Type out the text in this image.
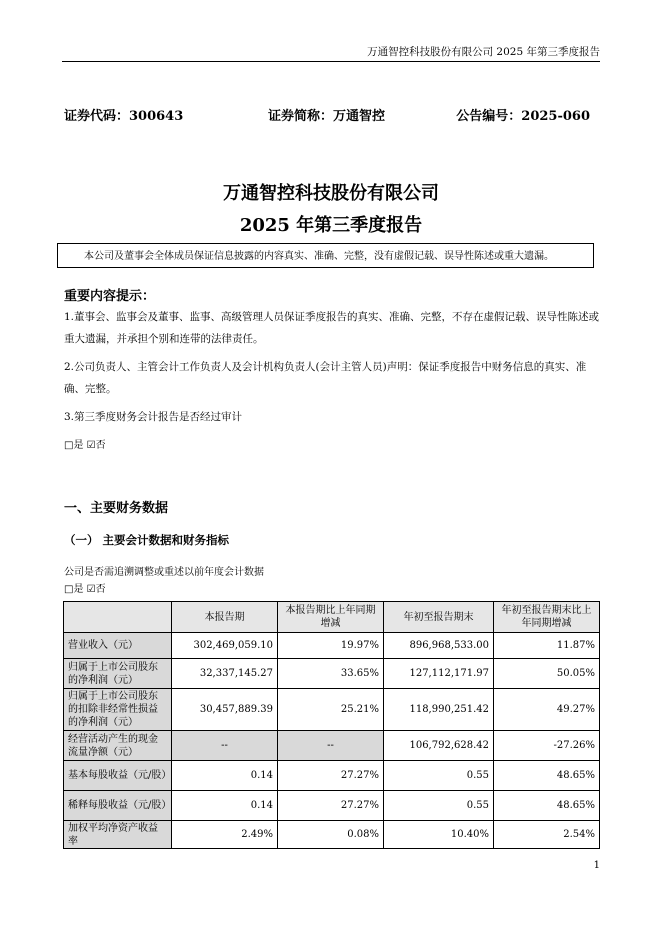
万通智控科技股份有限公司 2025 年第三季度报告
证券代码：300643	证券简称：万通智控	公告编号：2025-060
万通智控科技股份有限公司
2025 年第三季度报告
本公司及董事会全体成员保证信息披露的内容真实、准确、完整，没有虚假记载、误导性陈述或重大遗漏。
重要内容提示：
1.董事会、监事会及董事、监事、高级管理人员保证季度报告的真实、准确、完整，不存在虚假记载、误导性陈述或重大遗漏，并承担个别和连带的法律责任。
2.公司负责人、主管会计工作负责人及会计机构负责人(会计主管人员)声明：保证季度报告中财务信息的真实、准确、完整。
3.第三季度财务会计报告是否经过审计
□是 ☑否
一、主要财务数据
（一） 主要会计数据和财务指标
公司是否需追溯调整或重述以前年度会计数据
□是 ☑否
	本报告期	本报告期比上年同期增减	年初至报告期末	年初至报告期末比上年同期增减
营业收入（元）	302,469,059.10	19.97%	896,968,533.00	11.87%
归属于上市公司股东的净利润（元）	32,337,145.27	33.65%	127,112,171.97	50.05%
归属于上市公司股东的扣除非经常性损益的净利润（元）	30,457,889.39	25.21%	118,990,251.42	49.27%
经营活动产生的现金流量净额（元）	--	--	106,792,628.42	-27.26%
基本每股收益（元/股）	0.14	27.27%	0.55	48.65%
稀释每股收益（元/股）	0.14	27.27%	0.55	48.65%
加权平均净资产收益率	2.49%	0.08%	10.40%	2.54%
1
